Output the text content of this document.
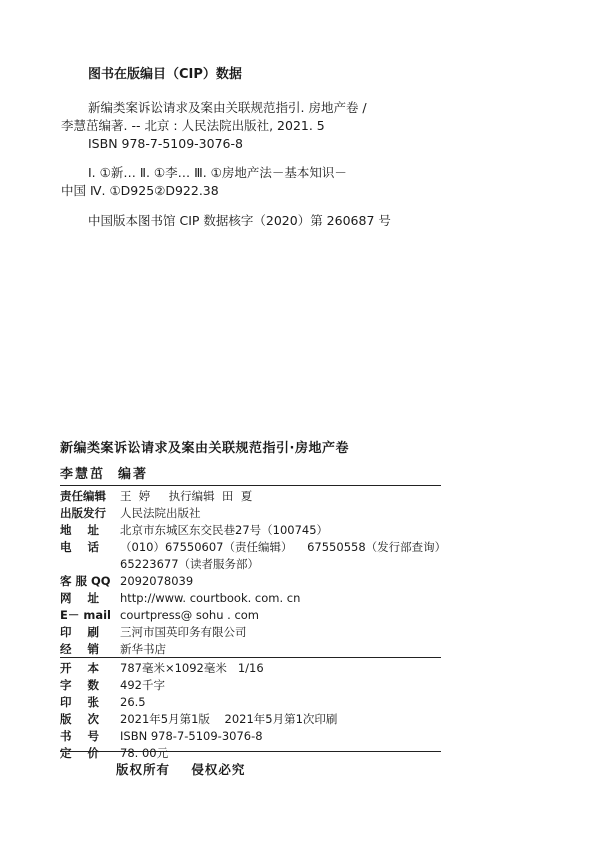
图书在版编目（CIP）数据
新编类案诉讼请求及案由关联规范指引. 房地产卷 /
李慧茁编著. -- 北京 : 人民法院出版社, 2021. 5
ISBN 978-7-5109-3076-8
Ⅰ. ①新… Ⅱ. ①李… Ⅲ. ①房地产法－基本知识－
中国 Ⅳ. ①D925②D922.38
中国版本图书馆 CIP 数据核字（2020）第 260687 号
新编类案诉讼请求及案由关联规范指引·房地产卷
李慧茁  编著
责任编辑 王  婷     执行编辑  田  夏
出版发行 人民法院出版社
地    址 北京市东城区东交民巷27号（100745）
电    话 （010）67550607（责任编辑）    67550558（发行部查询）
65223677（读者服务部）
客 服 QQ 2092078039
网    址 http://www. courtbook. com. cn
E－ mail courtpress@ sohu . com
印    刷 三河市国英印务有限公司
经    销 新华书店
开    本 787毫米×1092毫米   1/16
字    数 492千字
印    张 26.5
版    次 2021年5月第1版    2021年5月第1次印刷
书    号 ISBN 978-7-5109-3076-8
定    价 78. 00元
版权所有    侵权必究
